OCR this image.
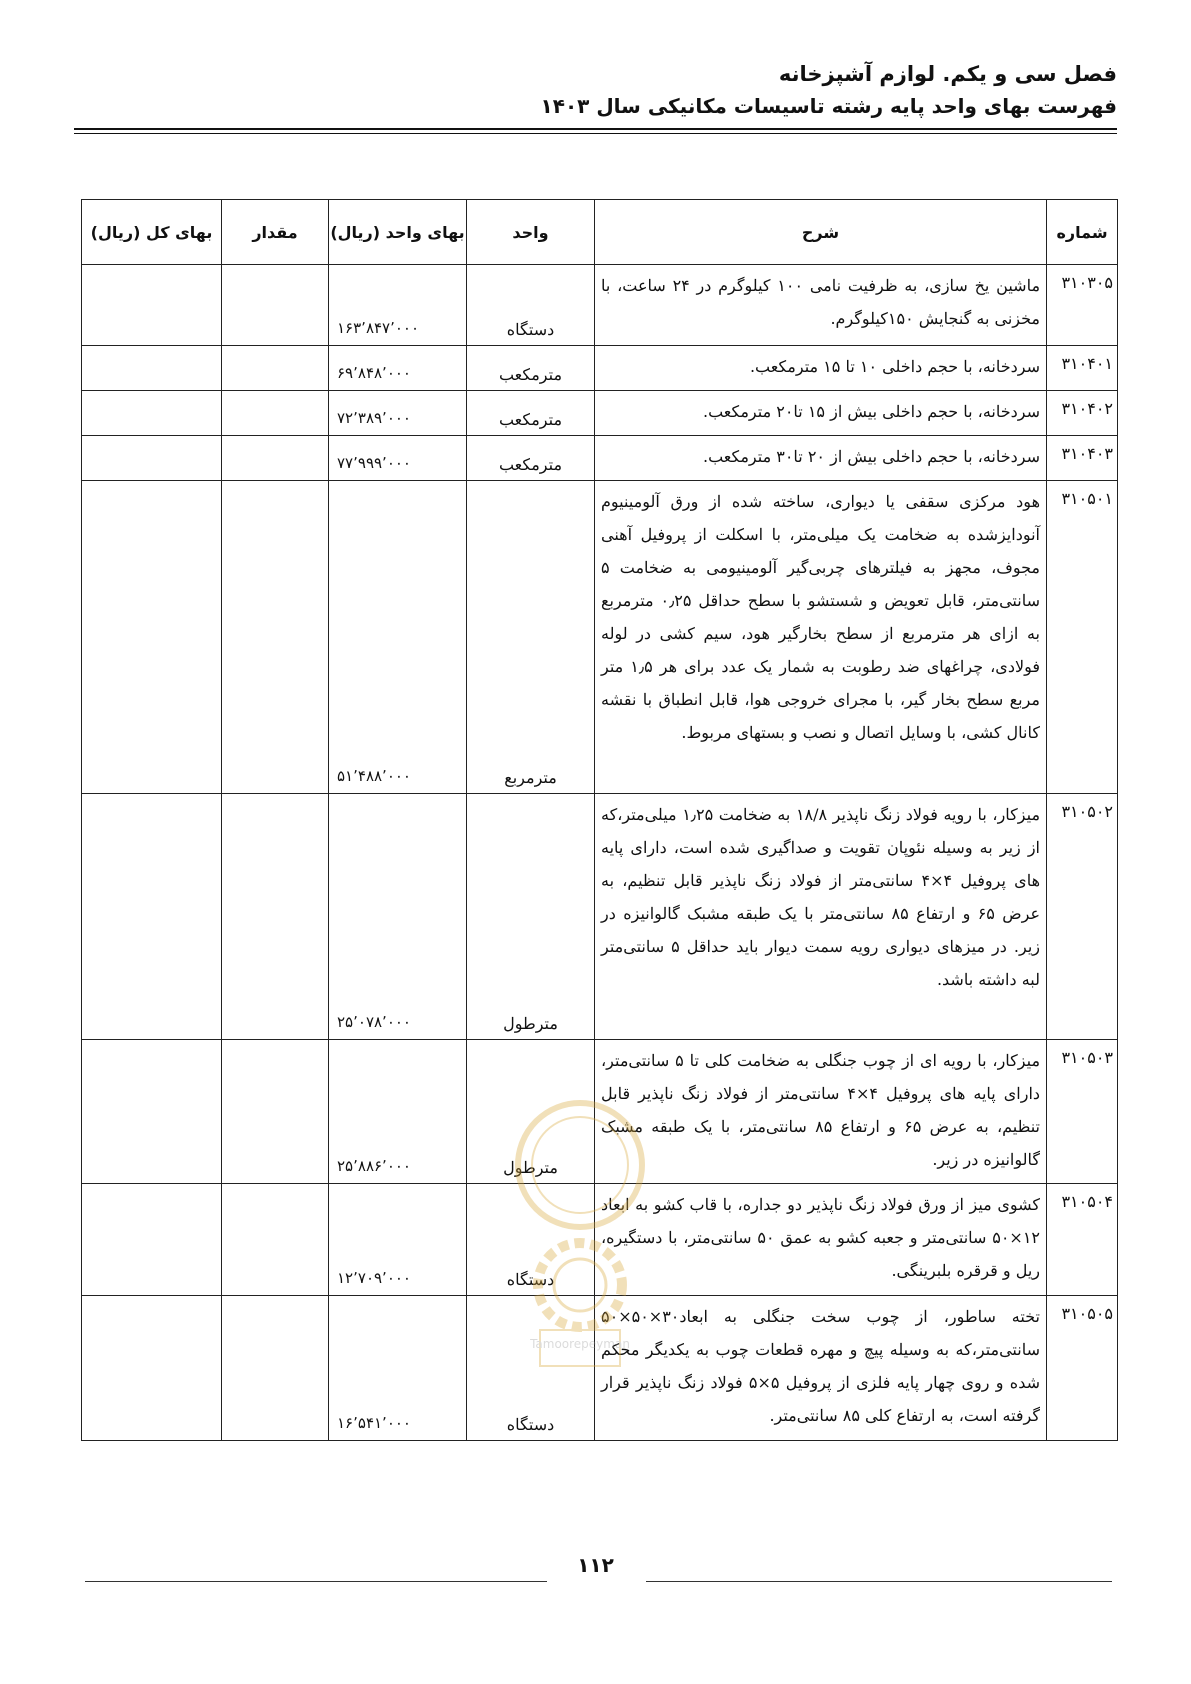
فصل سی و یکم. لوازم آشپزخانه
فهرست بهای واحد پایه رشته تاسیسات مکانیکی سال ۱۴۰۳
شماره	شرح	واحد	بهای واحد (ریال)	مقدار	بهای کل (ریال)
۳۱۰۳۰۵	ماشین یخ سازی، به ظرفیت نامی ۱۰۰ کیلوگرم در ۲۴ ساعت، با مخزنی به گنجایش ۱۵۰کیلوگرم.	دستگاه	۱۶۳٬۸۴۷٬۰۰۰		
۳۱۰۴۰۱	سردخانه، با حجم داخلی ۱۰ تا ۱۵ مترمکعب.	مترمکعب	۶۹٬۸۴۸٬۰۰۰		
۳۱۰۴۰۲	سردخانه، با حجم داخلی بیش از ۱۵ تا۲۰ مترمکعب.	مترمکعب	۷۲٬۳۸۹٬۰۰۰		
۳۱۰۴۰۳	سردخانه، با حجم داخلی بیش از ۲۰ تا۳۰ مترمکعب.	مترمکعب	۷۷٬۹۹۹٬۰۰۰		
۳۱۰۵۰۱	هود مرکزی سقفی یا دیواری، ساخته شده از ورق آلومینیوم آنودایزشده به ضخامت یک میلی‌متر، با اسکلت از پروفیل آهنی مجوف، مجهز به فیلترهای چربی‌گیر آلومینیومی به ضخامت ۵ سانتی‌متر، قابل تعویض و شستشو با سطح حداقل ۰٫۲۵ مترمربع به ازای هر مترمربع از سطح بخارگیر هود، سیم کشی در لوله فولادی، چراغهای ضد رطوبت به شمار یک عدد برای هر ۱٫۵ متر مربع سطح بخار گیر، با مجرای خروجی هوا، قابل انطباق با نقشه کانال کشی، با وسایل اتصال و نصب و بستهای مربوط.	مترمربع	۵۱٬۴۸۸٬۰۰۰		
۳۱۰۵۰۲	میزکار، با رویه فولاد زنگ ناپذیر ۱۸/۸ به ضخامت ۱٫۲۵ میلی‌متر،که از زیر به وسیله نئوپان تقویت و صداگیری شده است، دارای پایه های پروفیل ۴×۴ سانتی‌متر از فولاد زنگ ناپذیر قابل تنظیم، به عرض ۶۵ و ارتفاع ۸۵ سانتی‌متر با یک طبقه مشبک گالوانیزه در زیر. در میزهای دیواری رویه سمت دیوار باید حداقل ۵ سانتی‌متر لبه داشته باشد.	مترطول	۲۵٬۰۷۸٬۰۰۰		
۳۱۰۵۰۳	میزکار، با رویه ای از چوب جنگلی به ضخامت کلی تا ۵ سانتی‌متر، دارای پایه های پروفیل ۴×۴ سانتی‌متر از فولاد زنگ ناپذیر قابل تنظیم، به عرض ۶۵ و ارتفاع ۸۵ سانتی‌متر، با یک طبقه مشبک گالوانیزه در زیر.	مترطول	۲۵٬۸۸۶٬۰۰۰		
۳۱۰۵۰۴	کشوی میز از ورق فولاد زنگ ناپذیر دو جداره، با قاب کشو به ابعاد ۱۲×۵۰ سانتی‌متر و جعبه کشو به عمق ۵۰ سانتی‌متر، با دستگیره، ریل و قرقره بلبرینگی.	دستگاه	۱۲٬۷۰۹٬۰۰۰		
۳۱۰۵۰۵	تخته ساطور، از چوب سخت جنگلی به ابعاد۳۰×۵۰×۵۰ سانتی‌متر،که به وسیله پیچ و مهره قطعات چوب به یکدیگر محکم شده و روی چهار پایه فلزی از پروفیل ۵×۵ فولاد زنگ ناپذیر قرار گرفته است، به ارتفاع کلی ۸۵ سانتی‌متر.	دستگاه	۱۶٬۵۴۱٬۰۰۰		
Tamoorepeyman
۱۱۲
